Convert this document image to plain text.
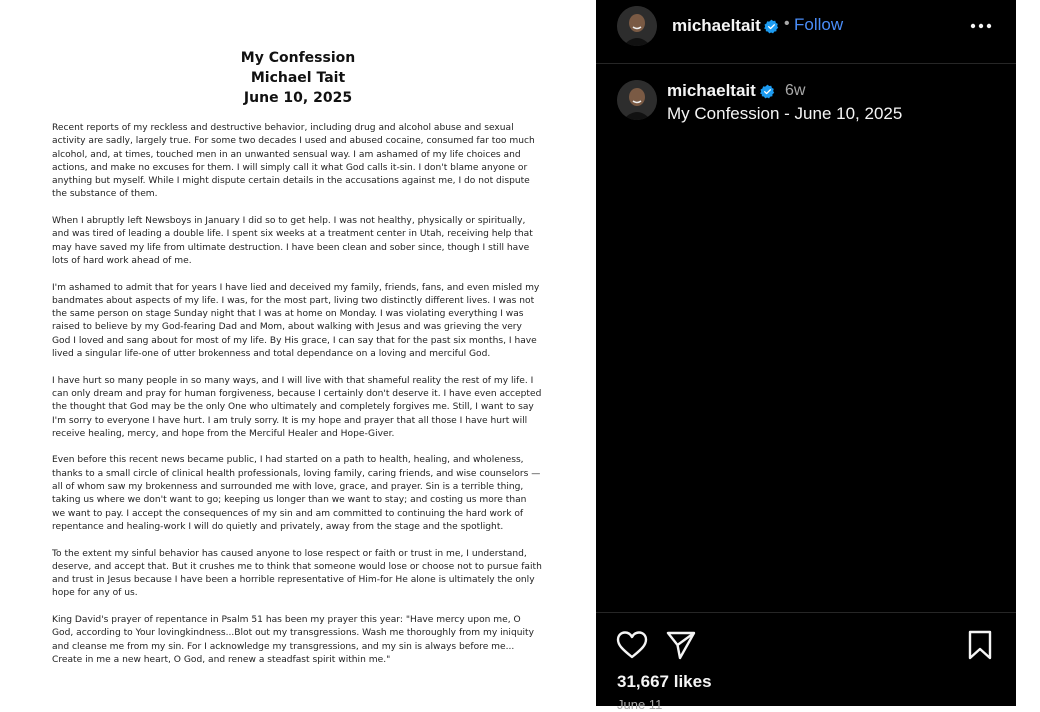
My Confession
Michael Tait
June 10, 2025

Recent reports of my reckless and destructive behavior, including drug and alcohol abuse and sexual activity are sadly, largely true. For some two decades I used and abused cocaine, consumed far too much alcohol, and, at times, touched men in an unwanted sensual way. I am ashamed of my life choices and actions, and make no excuses for them. I will simply call it what God calls it-sin. I don't blame anyone or anything but myself. While I might dispute certain details in the accusations against me, I do not dispute the substance of them.

When I abruptly left Newsboys in January I did so to get help. I was not healthy, physically or spiritually, and was tired of leading a double life. I spent six weeks at a treatment center in Utah, receiving help that may have saved my life from ultimate destruction. I have been clean and sober since, though I still have lots of hard work ahead of me.

I'm ashamed to admit that for years I have lied and deceived my family, friends, fans, and even misled my bandmates about aspects of my life. I was, for the most part, living two distinctly different lives. I was not the same person on stage Sunday night that I was at home on Monday. I was violating everything I was raised to believe by my God-fearing Dad and Mom, about walking with Jesus and was grieving the very God I loved and sang about for most of my life. By His grace, I can say that for the past six months, I have lived a singular life-one of utter brokenness and total dependance on a loving and merciful God.

I have hurt so many people in so many ways, and I will live with that shameful reality the rest of my life. I can only dream and pray for human forgiveness, because I certainly don't deserve it. I have even accepted the thought that God may be the only One who ultimately and completely forgives me. Still, I want to say I'm sorry to everyone I have hurt. I am truly sorry. It is my hope and prayer that all those I have hurt will receive healing, mercy, and hope from the Merciful Healer and Hope-Giver.

Even before this recent news became public, I had started on a path to health, healing, and wholeness, thanks to a small circle of clinical health professionals, loving family, caring friends, and wise counselors —all of whom saw my brokenness and surrounded me with love, grace, and prayer. Sin is a terrible thing, taking us where we don't want to go; keeping us longer than we want to stay; and costing us more than we want to pay. I accept the consequences of my sin and am committed to continuing the hard work of repentance and healing-work I will do quietly and privately, away from the stage and the spotlight.

To the extent my sinful behavior has caused anyone to lose respect or faith or trust in me, I understand, deserve, and accept that. But it crushes me to think that someone would lose or choose not to pursue faith and trust in Jesus because I have been a horrible representative of Him-for He alone is ultimately the only hope for any of us.

King David's prayer of repentance in Psalm 51 has been my prayer this year: "Have mercy upon me, O God, according to Your lovingkindness...Blot out my transgressions. Wash me thoroughly from my iniquity and cleanse me from my sin. For I acknowledge my transgressions, and my sin is always before me... Create in me a new heart, O God, and renew a steadfast spirit within me."

michaeltait • Follow
michaeltait 6w
My Confession - June 10, 2025
31,667 likes
June 11
